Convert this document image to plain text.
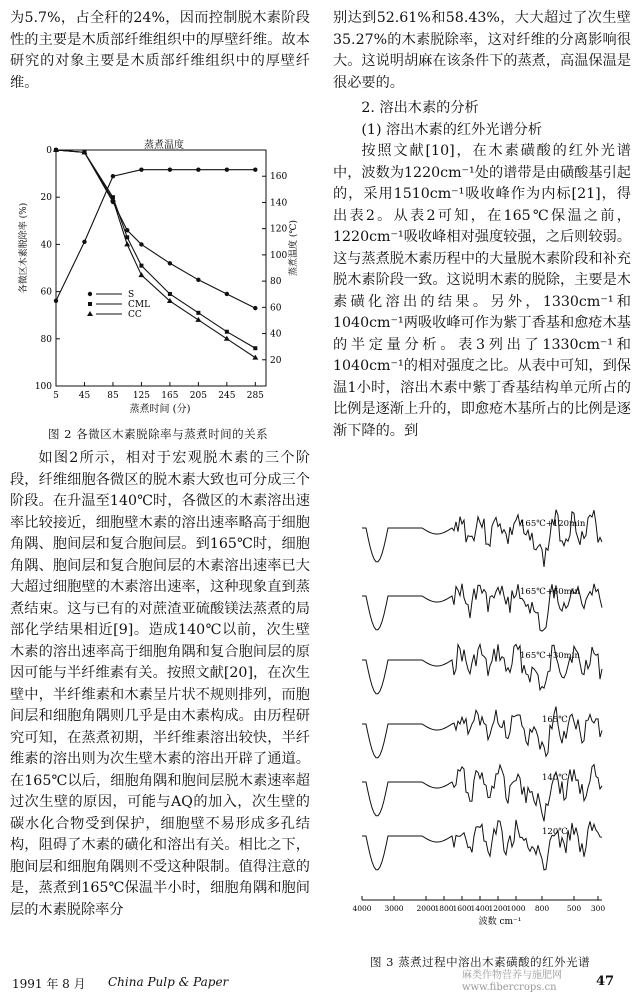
为5.7%，占全秆的24%，因而控制脱木素阶段性的主要是木质部纤维组织中的厚壁纤维。故本研究的对象主要是木质部纤维组织中的厚壁纤维。

5 45 85 125 165 205 245 285
0
20
40
60
80
100
20
40
60
80
100
120
140
160
蒸煮温度
蒸煮时间 (分)
各微区木素脱除率 (%)	蒸煮温度 (℃)
S
CML
CC
图 2 各微区木素脱除率与蒸煮时间的关系

如图2所示，相对于宏观脱木素的三个阶段，纤维细胞各微区的脱木素大致也可分成三个阶段。在升温至140℃时，各微区的木素溶出速率比较接近，细胞壁木素的溶出速率略高于细胞角隅、胞间层和复合胞间层。到165℃时，细胞角隅、胞间层和复合胞间层的木素溶出速率已大大超过细胞壁的木素溶出速率，这种现象直到蒸煮结束。这与已有的对蔗渣亚硫酸镁法蒸煮的局部化学结果相近[9]。造成140℃以前，次生壁木素的溶出速率高于细胞角隅和复合胞间层的原因可能与半纤维素有关。按照文献[20]，在次生壁中，半纤维素和木素呈片状不规则排列，而胞间层和细胞角隅则几乎是由木素构成。由历程研究可知，在蒸煮初期，半纤维素溶出较快，半纤维素的溶出则为次生壁木素的溶出开辟了通道。在165℃以后，细胞角隅和胞间层脱木素速率超过次生壁的原因，可能与AQ的加入，次生壁的碳水化合物受到保护，细胞壁不易形成多孔结构，阻碍了木素的磺化和溶出有关。相比之下，胞间层和细胞角隅则不受这种限制。值得注意的是，蒸煮到165℃保温半小时，细胞角隅和胞间层的木素脱除率分

别达到52.61%和58.43%，大大超过了次生壁35.27%的木素脱除率，这对纤维的分离影响很大。这说明胡麻在该条件下的蒸煮，高温保温是很必要的。

2. 溶出木素的分析

(1) 溶出木素的红外光谱分析

按照文献[10]，在木素磺酸的红外光谱中，波数为1220cm⁻¹处的谱带是由磺酸基引起的，采用1510cm⁻¹吸收峰作为内标[21]，得出表2。从表2可知，在165℃保温之前，1220cm⁻¹吸收峰相对强度较强，之后则较弱。这与蒸煮脱木素历程中的大量脱木素阶段和补充脱木素阶段一致。这说明木素的脱除，主要是木素磺化溶出的结果。另外，1330cm⁻¹和1040cm⁻¹两吸收峰可作为紫丁香基和愈疮木基的半定量分析。表3列出了1330cm⁻¹和1040cm⁻¹的相对强度之比。从表中可知，到保温1小时，溶出木素中紫丁香基结构单元所占的比例是逐渐上升的，即愈疮木基所占的比例是逐渐下降的。到

4000 3000 2000
1800
1600
1400
1200
1000 800 500 300
波数 cm⁻¹
165℃+120min
165℃+60min
165℃+30min
165℃
140℃
120℃
图 3 蒸煮过程中溶出木素磺酸的红外光谱
1991 年 8 月 China Pulp & Paper	47
麻类作物营养与施肥网 www.fibercrops.cn
